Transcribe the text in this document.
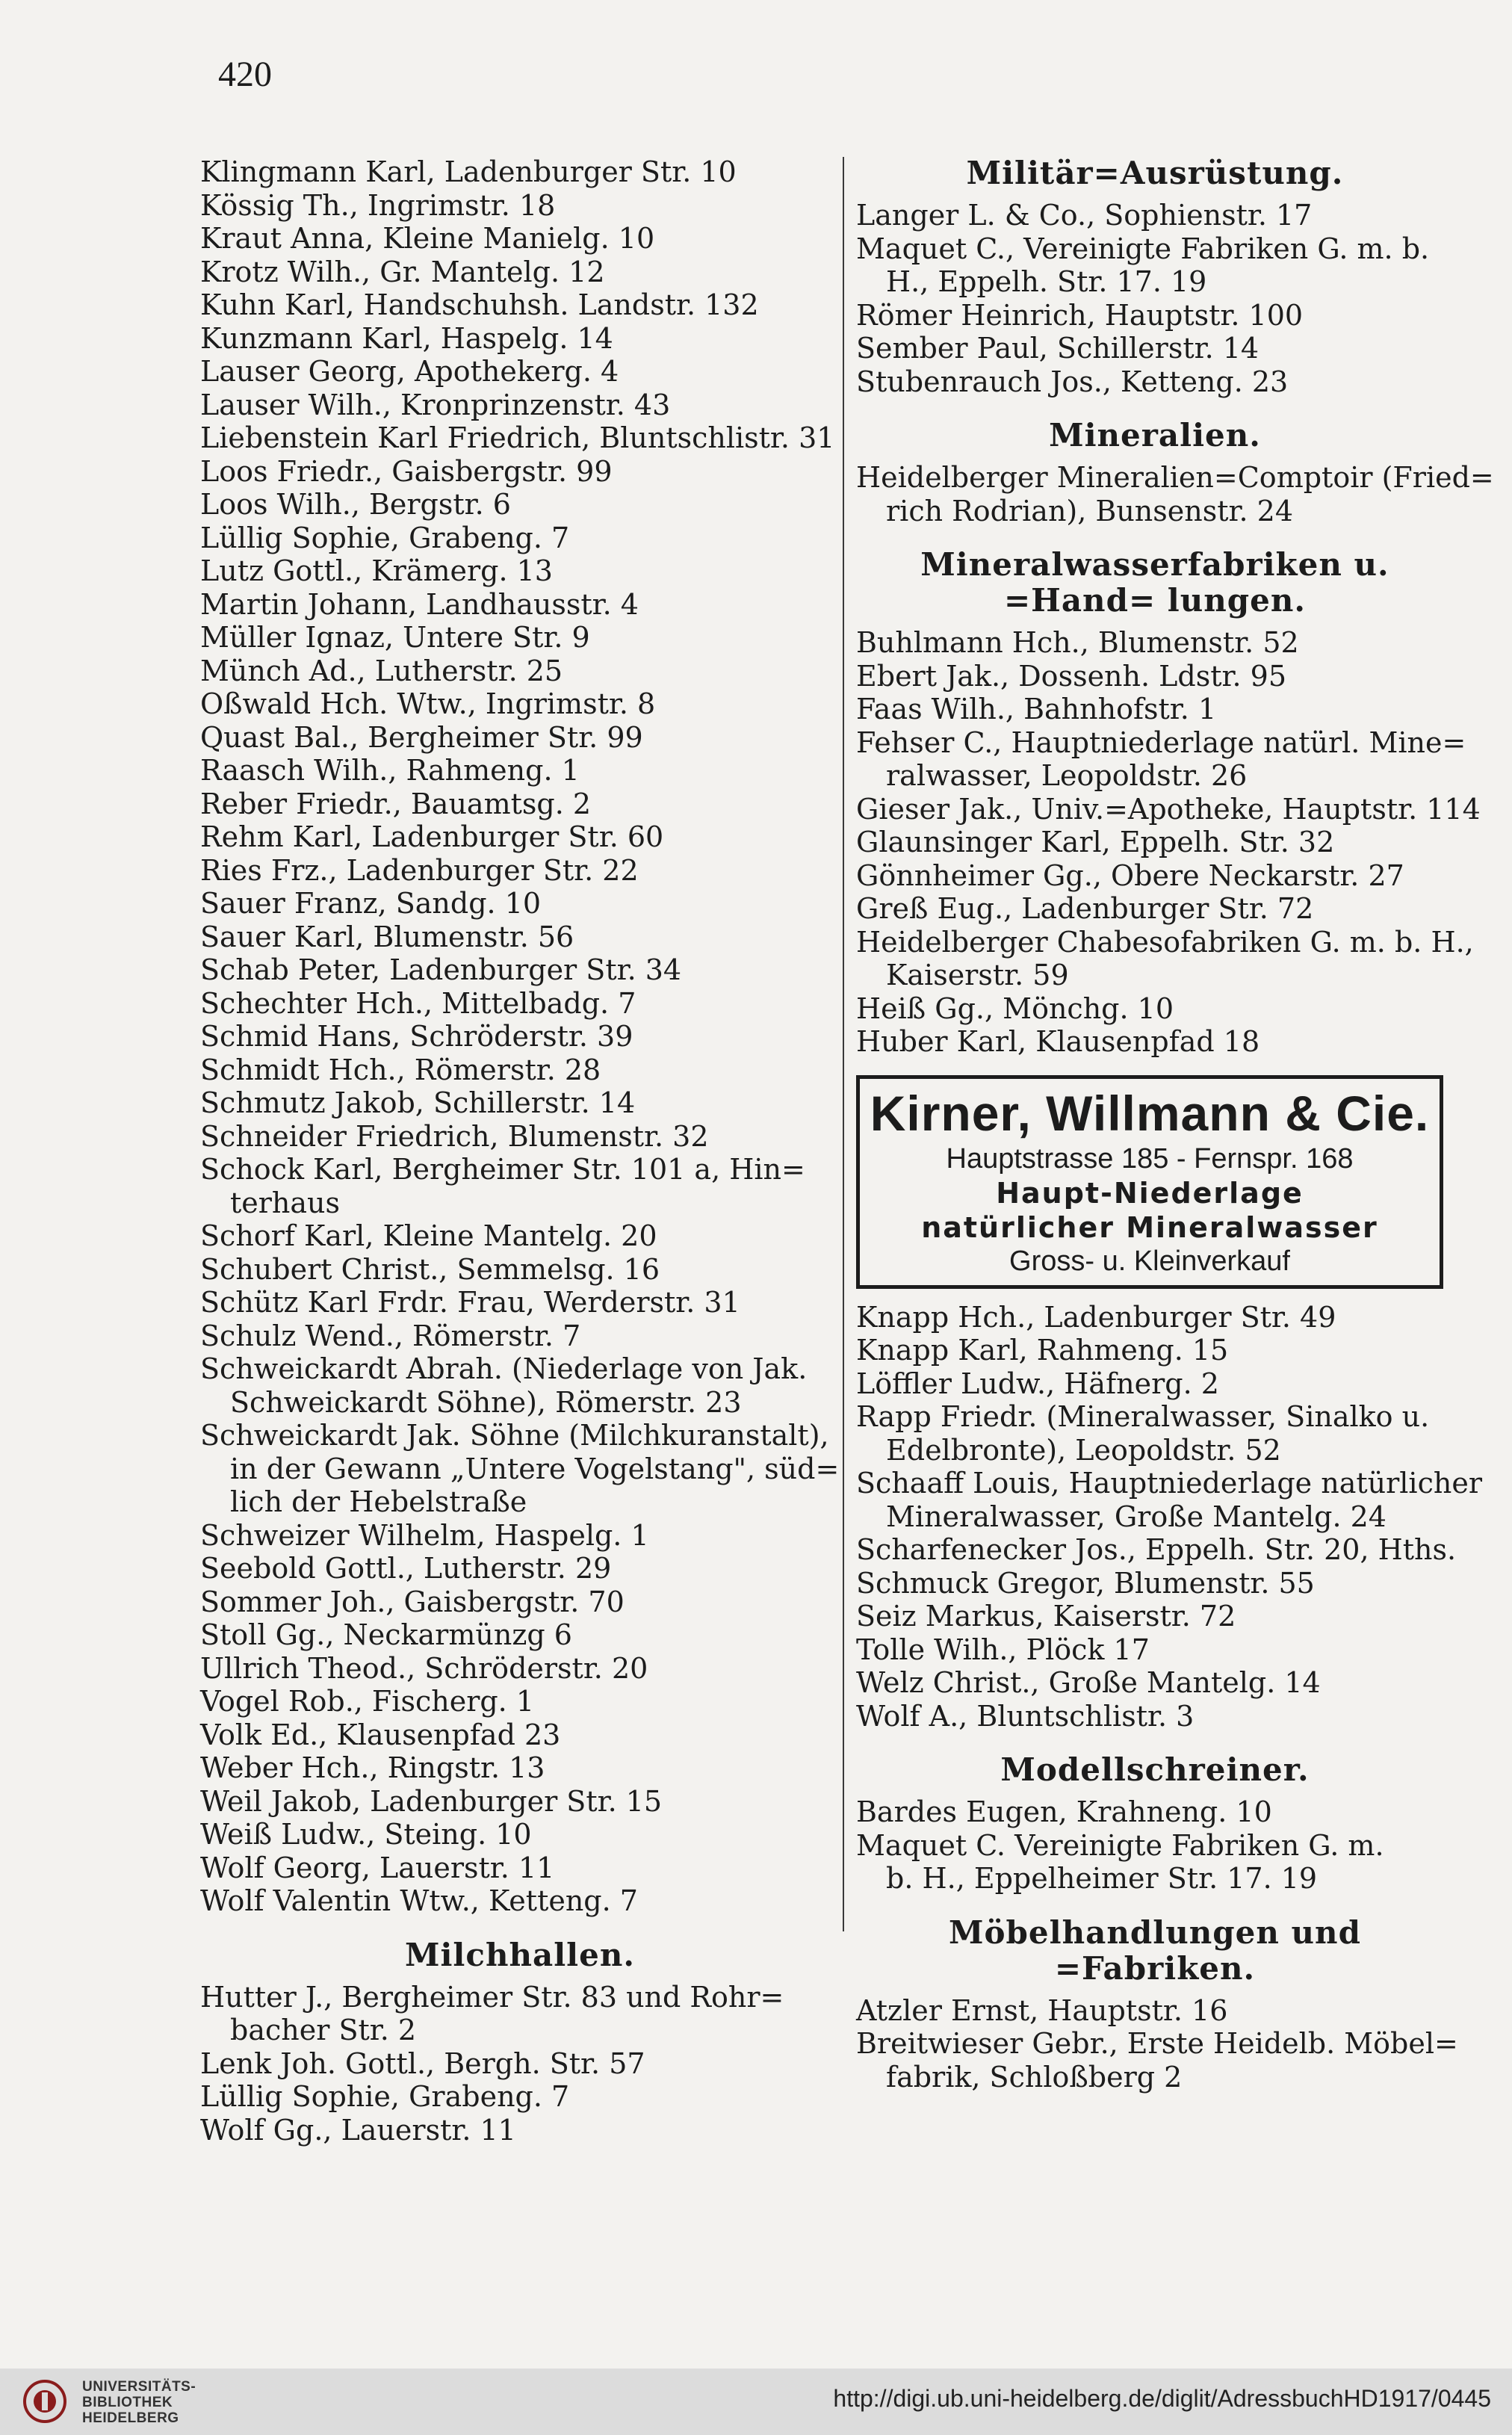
420
Klingmann Karl, Ladenburger Str. 10
Kössig Th., Ingrimstr. 18
Kraut Anna, Kleine Manielg. 10
Krotz Wilh., Gr. Mantelg. 12
Kuhn Karl, Handschuhsh. Landstr. 132
Kunzmann Karl, Haspelg. 14
Lauser Georg, Apothekerg. 4
Lauser Wilh., Kronprinzenstr. 43
Liebenstein Karl Friedrich, Bluntschlistr. 31
Loos Friedr., Gaisbergstr. 99
Loos Wilh., Bergstr. 6
Lüllig Sophie, Grabeng. 7
Lutz Gottl., Krämerg. 13
Martin Johann, Landhausstr. 4
Müller Ignaz, Untere Str. 9
Münch Ad., Lutherstr. 25
Oßwald Hch. Wtw., Ingrimstr. 8
Quast Bal., Bergheimer Str. 99
Raasch Wilh., Rahmeng. 1
Reber Friedr., Bauamtsg. 2
Rehm Karl, Ladenburger Str. 60
Ries Frz., Ladenburger Str. 22
Sauer Franz, Sandg. 10
Sauer Karl, Blumenstr. 56
Schab Peter, Ladenburger Str. 34
Schechter Hch., Mittelbadg. 7
Schmid Hans, Schröderstr. 39
Schmidt Hch., Römerstr. 28
Schmutz Jakob, Schillerstr. 14
Schneider Friedrich, Blumenstr. 32
Schock Karl, Bergheimer Str. 101 a, Hin=
terhaus
Schorf Karl, Kleine Mantelg. 20
Schubert Christ., Semmelsg. 16
Schütz Karl Frdr. Frau, Werderstr. 31
Schulz Wend., Römerstr. 7
Schweickardt Abrah. (Niederlage von Jak.
Schweickardt Söhne), Römerstr. 23
Schweickardt Jak. Söhne (Milchkuranstalt),
in der Gewann „Untere Vogelstang", süd=
lich der Hebelstraße
Schweizer Wilhelm, Haspelg. 1
Seebold Gottl., Lutherstr. 29
Sommer Joh., Gaisbergstr. 70
Stoll Gg., Neckarmünzg 6
Ullrich Theod., Schröderstr. 20
Vogel Rob., Fischerg. 1
Volk Ed., Klausenpfad 23
Weber Hch., Ringstr. 13
Weil Jakob, Ladenburger Str. 15
Weiß Ludw., Steing. 10
Wolf Georg, Lauerstr. 11
Wolf Valentin Wtw., Ketteng. 7
Milchhallen.
Hutter J., Bergheimer Str. 83 und Rohr=
bacher Str. 2
Lenk Joh. Gottl., Bergh. Str. 57
Lüllig Sophie, Grabeng. 7
Wolf Gg., Lauerstr. 11
Militär=Ausrüstung.
Langer L. & Co., Sophienstr. 17
Maquet C., Vereinigte Fabriken G. m. b.
H., Eppelh. Str. 17. 19
Römer Heinrich, Hauptstr. 100
Sember Paul, Schillerstr. 14
Stubenrauch Jos., Ketteng. 23
Mineralien.
Heidelberger Mineralien=Comptoir (Fried=
rich Rodrian), Bunsenstr. 24
Mineralwasserfabriken u. =Hand= lungen.
Buhlmann Hch., Blumenstr. 52
Ebert Jak., Dossenh. Ldstr. 95
Faas Wilh., Bahnhofstr. 1
Fehser C., Hauptniederlage natürl. Mine=
ralwasser, Leopoldstr. 26
Gieser Jak., Univ.=Apotheke, Hauptstr. 114
Glaunsinger Karl, Eppelh. Str. 32
Gönnheimer Gg., Obere Neckarstr. 27
Greß Eug., Ladenburger Str. 72
Heidelberger Chabesofabriken G. m. b. H.,
Kaiserstr. 59
Heiß Gg., Mönchg. 10
Huber Karl, Klausenpfad 18
Kirner, Willmann & Cie.
Hauptstrasse 185 - Fernspr. 168
Haupt-Niederlage
natürlicher Mineralwasser
Gross- u. Kleinverkauf
Knapp Hch., Ladenburger Str. 49
Knapp Karl, Rahmeng. 15
Löffler Ludw., Häfnerg. 2
Rapp Friedr. (Mineralwasser, Sinalko u.
Edelbronte), Leopoldstr. 52
Schaaff Louis, Hauptniederlage natürlicher
Mineralwasser, Große Mantelg. 24
Scharfenecker Jos., Eppelh. Str. 20, Hths.
Schmuck Gregor, Blumenstr. 55
Seiz Markus, Kaiserstr. 72
Tolle Wilh., Plöck 17
Welz Christ., Große Mantelg. 14
Wolf A., Bluntschlistr. 3
Modellschreiner.
Bardes Eugen, Krahneng. 10
Maquet C. Vereinigte Fabriken G. m.
b. H., Eppelheimer Str. 17. 19
Möbelhandlungen und =Fabriken.
Atzler Ernst, Hauptstr. 16
Breitwieser Gebr., Erste Heidelb. Möbel=
fabrik, Schloßberg 2
UNIVERSITÄTS-
BIBLIOTHEK
HEIDELBERG
http://digi.ub.uni-heidelberg.de/diglit/AdressbuchHD1917/0445
